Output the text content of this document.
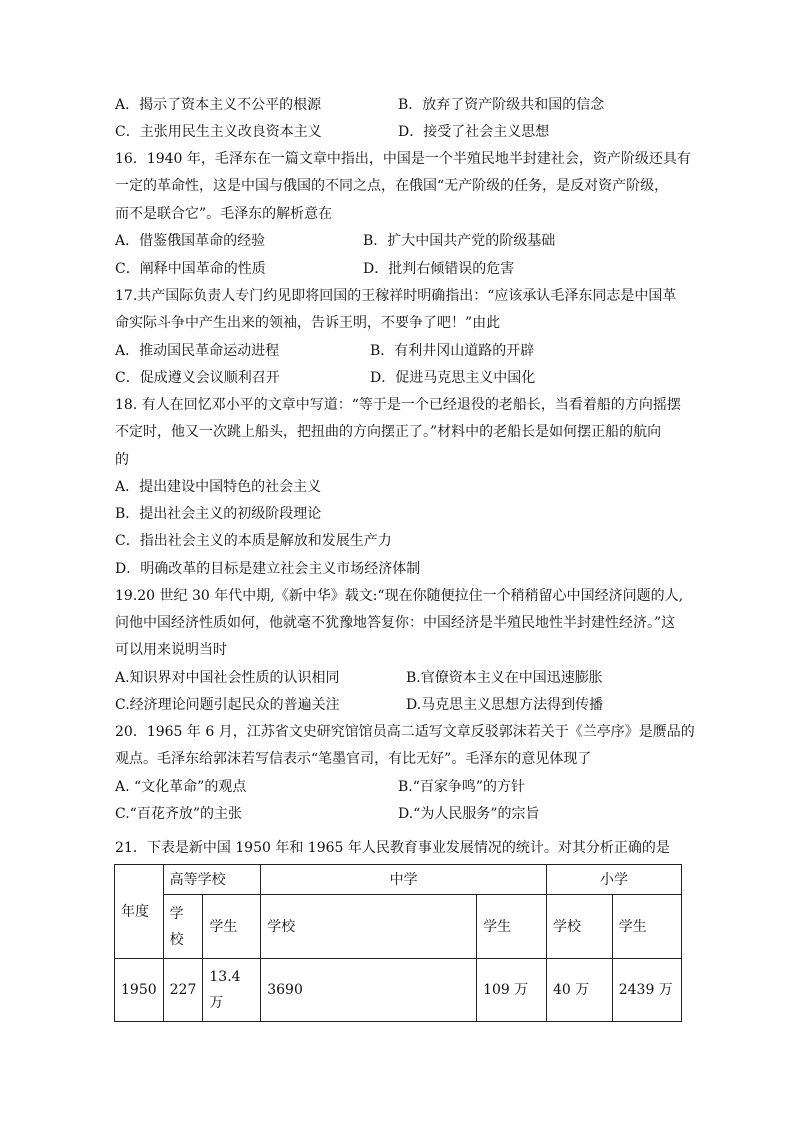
A．揭示了资本主义不公平的根源	B．放弃了资产阶级共和国的信念
C．主张用民生主义改良资本主义	D．接受了社会主义思想
16．1940 年，毛泽东在一篇文章中指出，中国是一个半殖民地半封建社会，资产阶级还具有
一定的革命性，这是中国与俄国的不同之点，在俄国“无产阶级的任务，是反对资产阶级，
而不是联合它”。毛泽东的解析意在
A．借鉴俄国革命的经验	B．扩大中国共产党的阶级基础
C．阐释中国革命的性质	D．批判右倾错误的危害
17.共产国际负责人专门约见即将回国的王稼祥时明确指出：“应该承认毛泽东同志是中国革
命实际斗争中产生出来的领袖，告诉王明，不要争了吧！”由此
A．推动国民革命运动进程	B．有利井冈山道路的开辟
C．促成遵义会议顺利召开	D．促进马克思主义中国化
18. 有人在回忆邓小平的文章中写道：“等于是一个已经退役的老船长，当看着船的方向摇摆
不定时，他又一次跳上船头，把扭曲的方向摆正了。”材料中的老船长是如何摆正船的航向
的
A．提出建设中国特色的社会主义
B．提出社会主义的初级阶段理论
C．指出社会主义的本质是解放和发展生产力
D．明确改革的目标是建立社会主义市场经济体制
19.20 世纪 30 年代中期,《新中华》载文:“现在你随便拉住一个稍稍留心中国经济问题的人,
问他中国经济性质如何，他就毫不犹豫地答复你：中国经济是半殖民地性半封建性经济。”这
可以用来说明当时
A.知识界对中国社会性质的认识相同	B.官僚资本主义在中国迅速膨胀
C.经济理论问题引起民众的普遍关注	D.马克思主义思想方法得到传播
20．1965 年 6 月，江苏省文史研究馆馆员高二适写文章反驳郭沫若关于《兰亭序》是赝品的
观点。毛泽东给郭沫若写信表示“笔墨官司，有比无好”。毛泽东的意见体现了
A. “文化革命”的观点	B.“百家争鸣”的方针
C.“百花齐放”的主张	D.“为人民服务”的宗旨
21．下表是新中国 1950 年和 1965 年人民教育事业发展情况的统计。对其分析正确的是
年度	高等学校		中学		小学	
	学校	学生	学校	学生	学校	学生
1950	227	13.4万	3690	109 万	40 万	2439 万
